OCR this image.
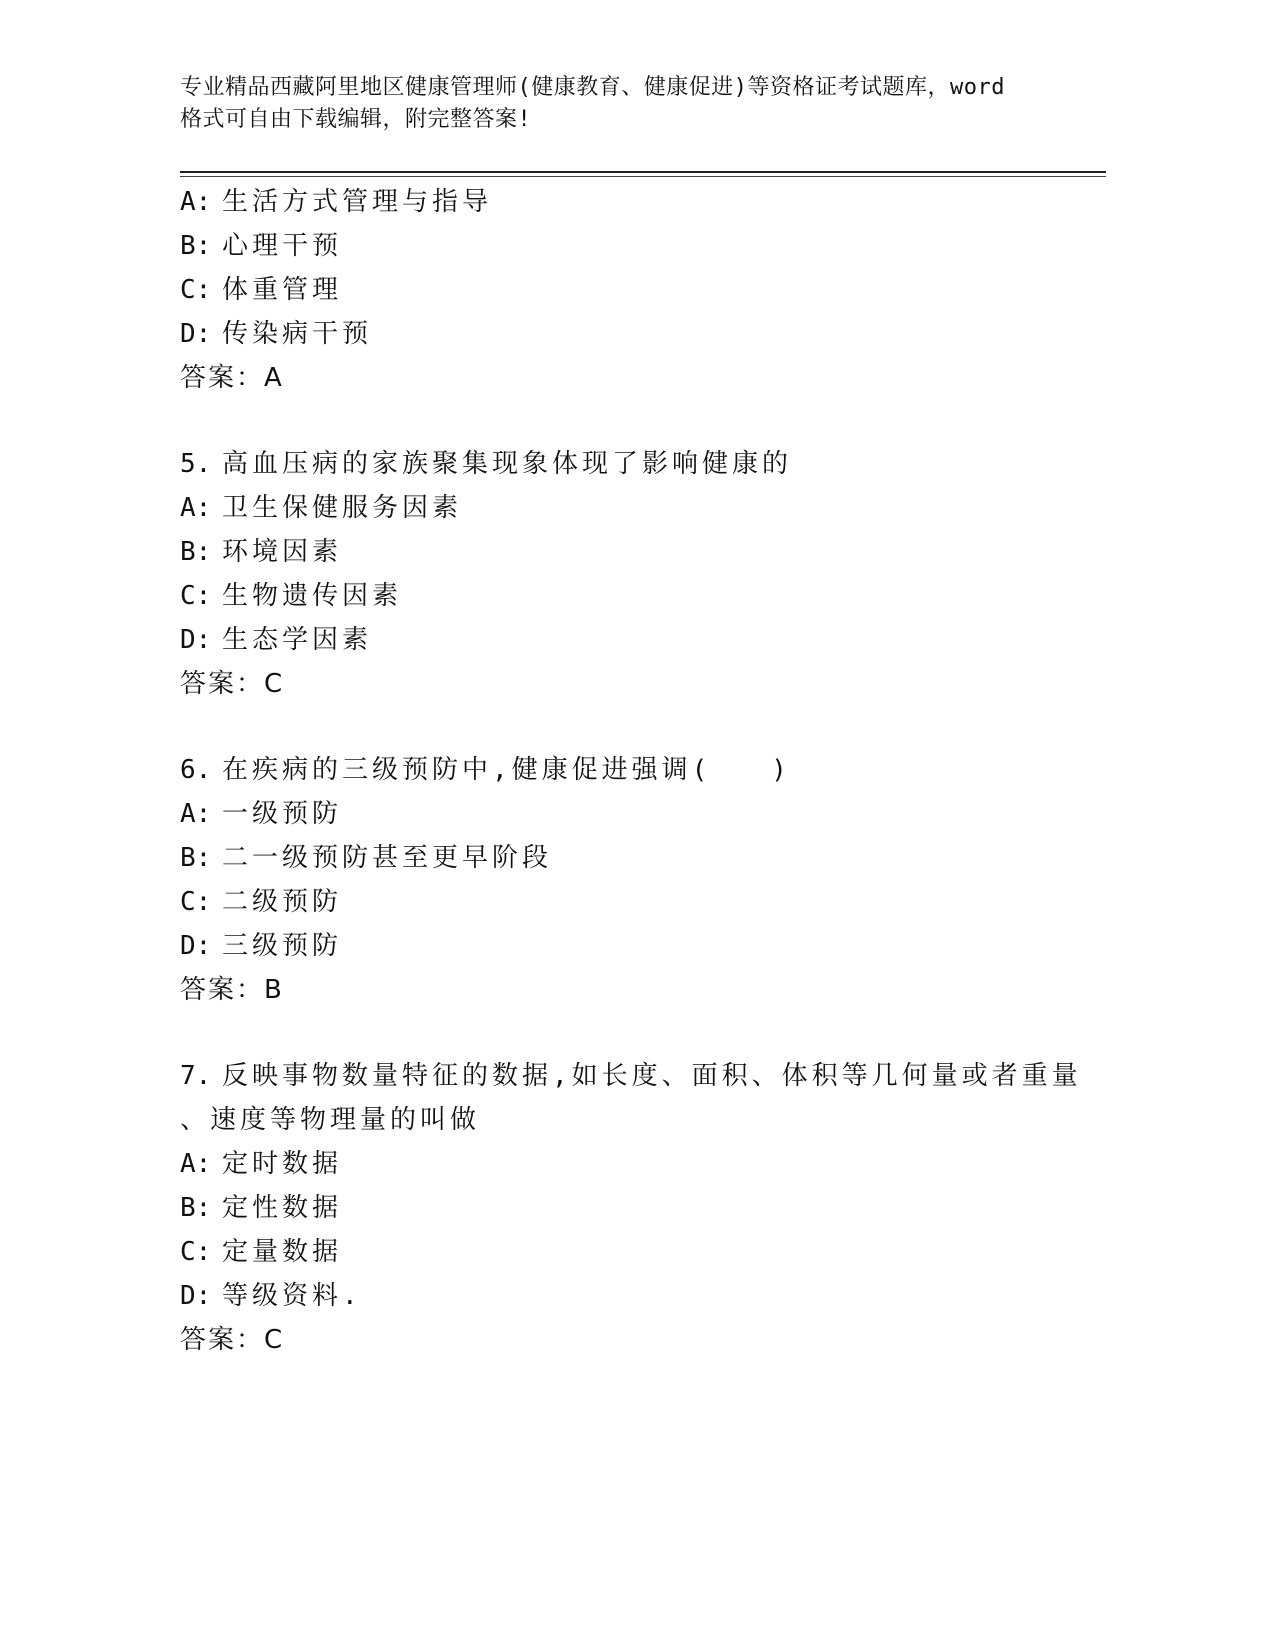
专业精品西藏阿里地区健康管理师(健康教育、健康促进)等资格证考试题库，word
格式可自由下载编辑，附完整答案!
A: 生活方式管理与指导
B: 心理干预
C: 体重管理
D: 传染病干预
答案：A
5. 高血压病的家族聚集现象体现了影响健康的
A: 卫生保健服务因素
B: 环境因素
C: 生物遗传因素
D: 生态学因素
答案：C
6. 在疾病的三级预防中,健康促进强调(　　)
A: 一级预防
B: 二一级预防甚至更早阶段
C: 二级预防
D: 三级预防
答案：B
7. 反映事物数量特征的数据,如长度、面积、体积等几何量或者重量
、速度等物理量的叫做
A: 定时数据
B: 定性数据
C: 定量数据
D: 等级资料.
答案：C
